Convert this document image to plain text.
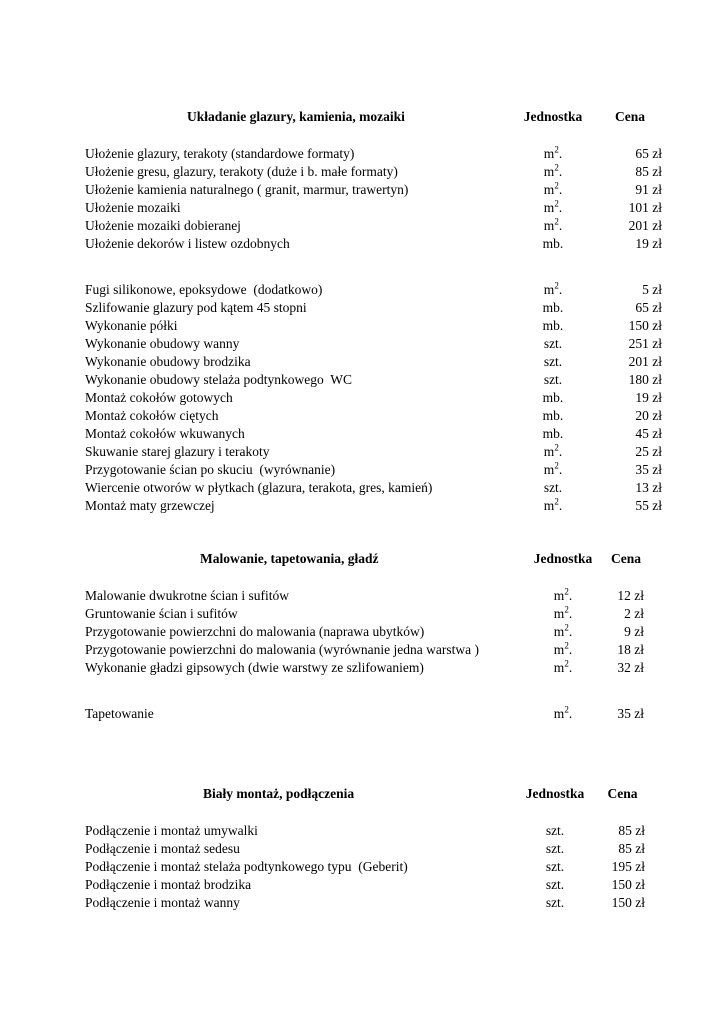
Układanie glazury, kamienia, mozaiki	Jednostka	Cena
Ułożenie glazury, terakoty (standardowe formaty)	$m^2$.	65 zł
Ułożenie gresu, glazury, terakoty (duże i b. małe formaty)	$m^2$.	85 zł
Ułożenie kamienia naturalnego ( granit, marmur, trawertyn)	$m^2$.	91 zł
Ułożenie mozaiki	$m^2$.	101 zł
Ułożenie mozaiki dobieranej	$m^2$.	201 zł
Ułożenie dekorów i listew ozdobnych	mb.	19 zł
Fugi silikonowe, epoksydowe  (dodatkowo)	$m^2$.	5 zł
Szlifowanie glazury pod kątem 45 stopni	mb.	65 zł
Wykonanie półki	mb.	150 zł
Wykonanie obudowy wanny	szt.	251 zł
Wykonanie obudowy brodzika	szt.	201 zł
Wykonanie obudowy stelaża podtynkowego  WC	szt.	180 zł
Montaż cokołów gotowych	mb.	19 zł
Montaż cokołów ciętych	mb.	20 zł
Montaż cokołów wkuwanych	mb.	45 zł
Skuwanie starej glazury i terakoty	$m^2$.	25 zł
Przygotowanie ścian po skuciu  (wyrównanie)	$m^2$.	35 zł
Wiercenie otworów w płytkach (glazura, terakota, gres, kamień)	szt.	13 zł
Montaż maty grzewczej	$m^2$.	55 zł
Malowanie, tapetowania, gładź	Jednostka	Cena
Malowanie dwukrotne ścian i sufitów	$m^2$.	12 zł
Gruntowanie ścian i sufitów	$m^2$.	2 zł
Przygotowanie powierzchni do malowania (naprawa ubytków)	$m^2$.	9 zł
Przygotowanie powierzchni do malowania (wyrównanie jedna warstwa )	$m^2$.	18 zł
Wykonanie gładzi gipsowych (dwie warstwy ze szlifowaniem)	$m^2$.	32 zł
Tapetowanie	$m^2$.	35 zł
Biały montaż, podłączenia	Jednostka	Cena
Podłączenie i montaż umywalki	szt.	85 zł
Podłączenie i montaż sedesu	szt.	85 zł
Podłączenie i montaż stelaża podtynkowego typu  (Geberit)	szt.	195 zł
Podłączenie i montaż brodzika	szt.	150 zł
Podłączenie i montaż wanny	szt.	150 zł
